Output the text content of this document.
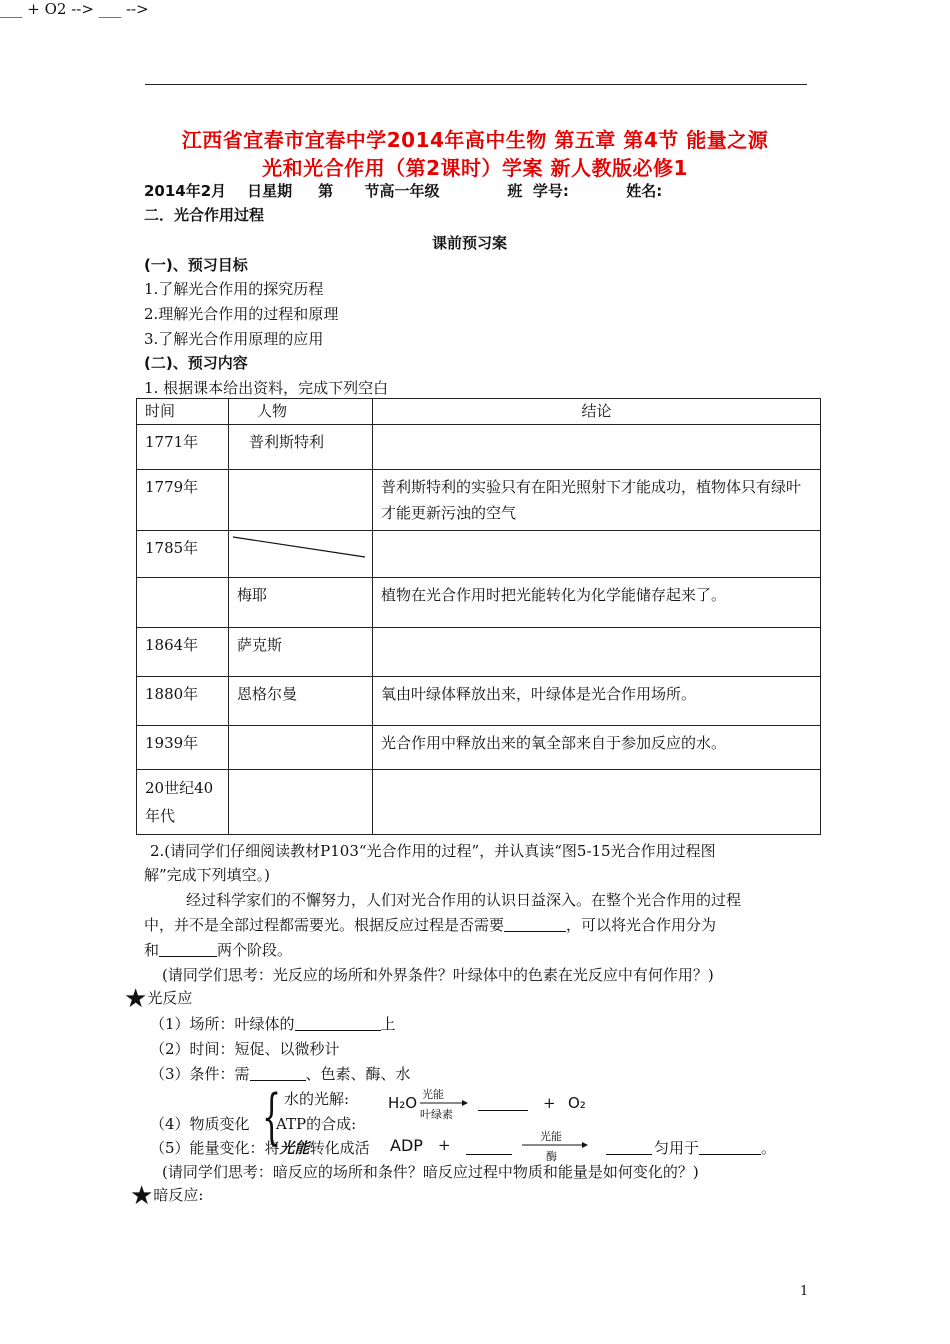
江西省宜春市宜春中学2014年高中生物 第五章 第4节 能量之源
光和光合作用（第2课时）学案 新人教版必修1
2014年2月    日星期     第      节高一年级             班  学号:           姓名:
二．光合作用过程
课前预习案
(一)、预习目标
1.了解光合作用的探究历程
2.理解光合作用的过程和原理
3.了解光合作用原理的应用
(二)、预习内容
1. 根据课本给出资料，完成下列空白
时间	人物	结论
1771年	普利斯特利	
1779年		普利斯特利的实验只有在阳光照射下才能成功，植物体只有绿叶才能更新污浊的空气
1785年	

	梅耶	植物在光合作用时把光能转化为化学能储存起来了。
1864年	萨克斯	
1880年	恩格尔曼	氧由叶绿体释放出来，叶绿体是光合作用场所。
1939年		光合作用中释放出来的氧全部来自于参加反应的水。
20世纪40年代		
2.(请同学们仔细阅读教材P103“光合作用的过程”，并认真读“图5-15光合作用过程图
解”完成下列填空。)
经过科学家们的不懈努力，人们对光合作用的认识日益深入。在整个光合作用的过程
中，并不是全部过程都需要光。根据反应过程是否需要	，可以将光合作用分为
和	两个阶段。
(请同学们思考：光反应的场所和外界条件？叶绿体中的色素在光反应中有何作用？)
★光反应
（1）场所：叶绿体的	上
（2）时间：短促、以微秒计
（3）条件：需	、色素、酶、水
{
（4）物质变化
水的光解:
ATP的合成:
___ + O2 -->
H₂O 光能
叶绿素
+ O₂
（5）能量变化：将光能转化成活
___ -->
ADP +	光能
酶	匀用于	。
(请同学们思考：暗反应的场所和条件？暗反应过程中物质和能量是如何变化的？)
★暗反应:
1
